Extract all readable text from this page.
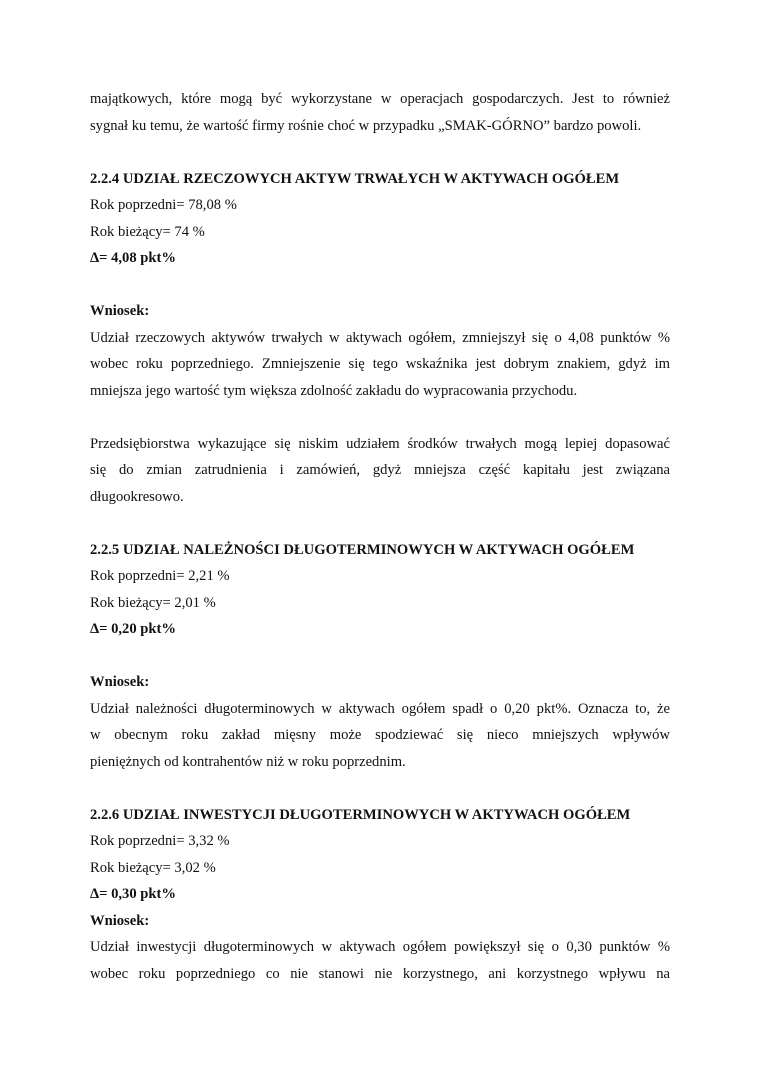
majątkowych, które mogą być wykorzystane w operacjach gospodarczych. Jest to również
sygnał ku temu, że wartość firmy rośnie choć w przypadku „SMAK-GÓRNO” bardzo powoli.
2.2.4 UDZIAŁ RZECZOWYCH AKTYW TRWAŁYCH W AKTYWACH OGÓŁEM
Rok poprzedni= 78,08 %
Rok bieżący= 74 %
Δ= 4,08 pkt%
Wniosek:
Udział rzeczowych aktywów trwałych w aktywach ogółem, zmniejszył się o 4,08 punktów %
wobec roku poprzedniego. Zmniejszenie się tego wskaźnika jest dobrym znakiem, gdyż im
mniejsza jego wartość tym większa zdolność zakładu do wypracowania przychodu.
Przedsiębiorstwa wykazujące się niskim udziałem środków trwałych mogą lepiej dopasować
się do zmian zatrudnienia i zamówień, gdyż mniejsza część kapitału jest związana
długookresowo.
2.2.5 UDZIAŁ NALEŻNOŚCI DŁUGOTERMINOWYCH W AKTYWACH OGÓŁEM
Rok poprzedni= 2,21 %
Rok bieżący= 2,01 %
Δ= 0,20 pkt%
Wniosek:
Udział należności długoterminowych w aktywach ogółem spadł o 0,20 pkt%. Oznacza to, że
w obecnym roku zakład mięsny może spodziewać się nieco mniejszych wpływów
pieniężnych od kontrahentów niż w roku poprzednim.
2.2.6 UDZIAŁ INWESTYCJI DŁUGOTERMINOWYCH W AKTYWACH OGÓŁEM
Rok poprzedni= 3,32 %
Rok bieżący= 3,02 %
Δ= 0,30 pkt%
Wniosek:
Udział inwestycji długoterminowych w aktywach ogółem powiększył się o 0,30 punktów %
wobec roku poprzedniego co nie stanowi nie korzystnego, ani korzystnego wpływu na
